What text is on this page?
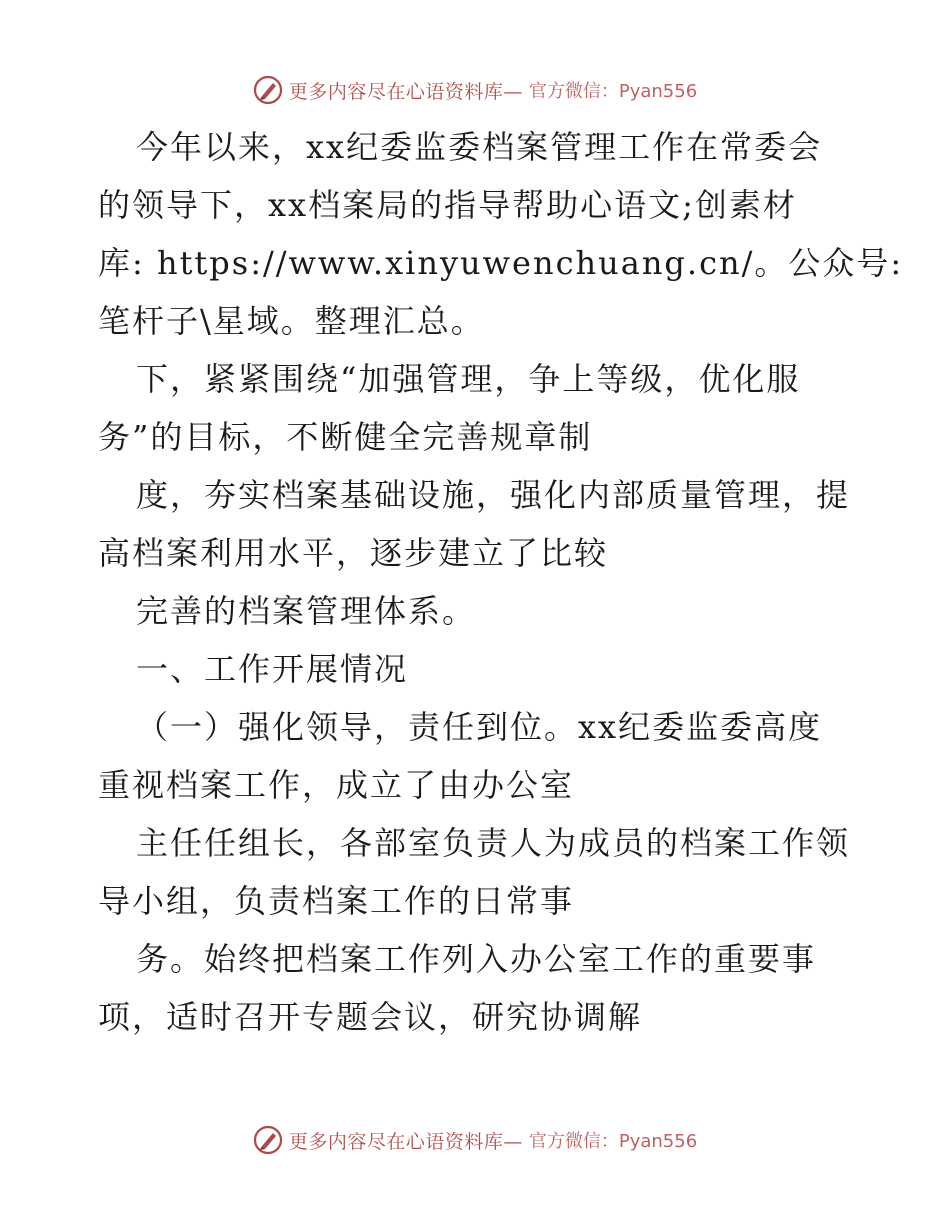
更多内容尽在心语资料库— 官方微信：Pyan556
今年以来，xx纪委监委档案管理工作在常委会
的领导下，xx档案局的指导帮助心语文;创素材
库: https://www.xinyuwenchuang.cn/。公众号:
笔杆子\星域。整理汇总。
下，紧紧围绕“加强管理，争上等级，优化服
务”的目标，不断健全完善规章制
度，夯实档案基础设施，强化内部质量管理，提
高档案利用水平，逐步建立了比较
完善的档案管理体系。
一、工作开展情况
（一）强化领导，责任到位。xx纪委监委高度
重视档案工作，成立了由办公室
主任任组长，各部室负责人为成员的档案工作领
导小组，负责档案工作的日常事
务。始终把档案工作列入办公室工作的重要事
项，适时召开专题会议，研究协调解
更多内容尽在心语资料库— 官方微信：Pyan556
